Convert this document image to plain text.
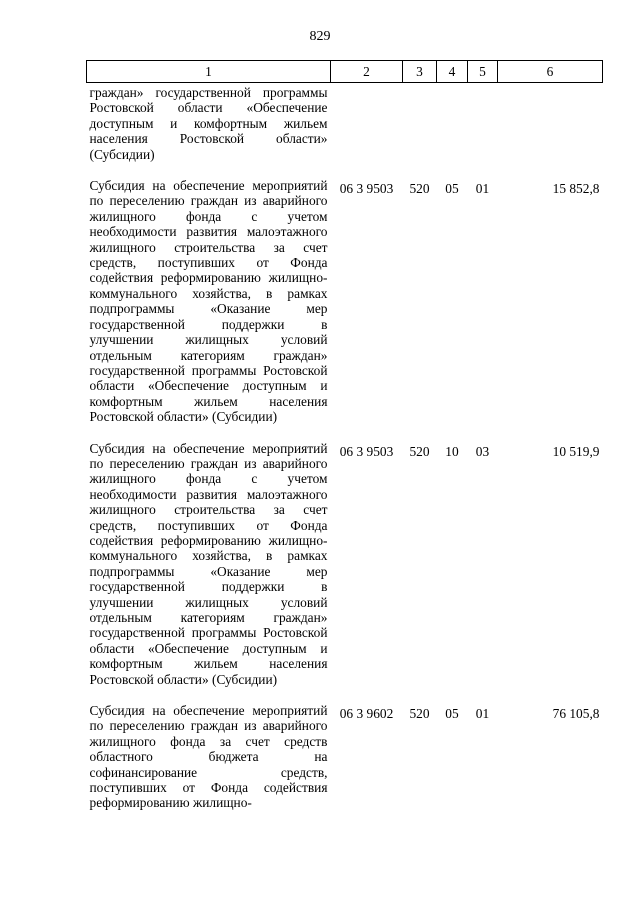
829
1	2	3	4	5	6
граждан» государственной программы Ростовской области «Обеспечение доступным и комфортным жильем населения Ростовской области» (Субсидии)					
Субсидия на обеспечение мероприятий по переселению граждан из аварийного жилищного фонда с учетом необходимости развития малоэтажного жилищного строительства за счет средств, поступивших от Фонда содействия реформированию жилищно-коммунального хозяйства, в рамках подпрограммы «Оказание мер государственной поддержки в улучшении жилищных условий отдельным категориям граждан» государственной программы Ростовской области «Обеспечение доступным и комфортным жильем населения Ростовской области» (Субсидии)	06 3 9503	520	05	01	15 852,8
Субсидия на обеспечение мероприятий по переселению граждан из аварийного жилищного фонда с учетом необходимости развития малоэтажного жилищного строительства за счет средств, поступивших от Фонда содействия реформированию жилищно-коммунального хозяйства, в рамках подпрограммы «Оказание мер государственной поддержки в улучшении жилищных условий отдельным категориям граждан» государственной программы Ростовской области «Обеспечение доступным и комфортным жильем населения Ростовской области» (Субсидии)	06 3 9503	520	10	03	10 519,9
Субсидия на обеспечение мероприятий по переселению граждан из аварийного жилищного фонда за счет средств областного бюджета на софинансирование средств, поступивших от Фонда содействия реформированию жилищно-	06 3 9602	520	05	01	76 105,8
